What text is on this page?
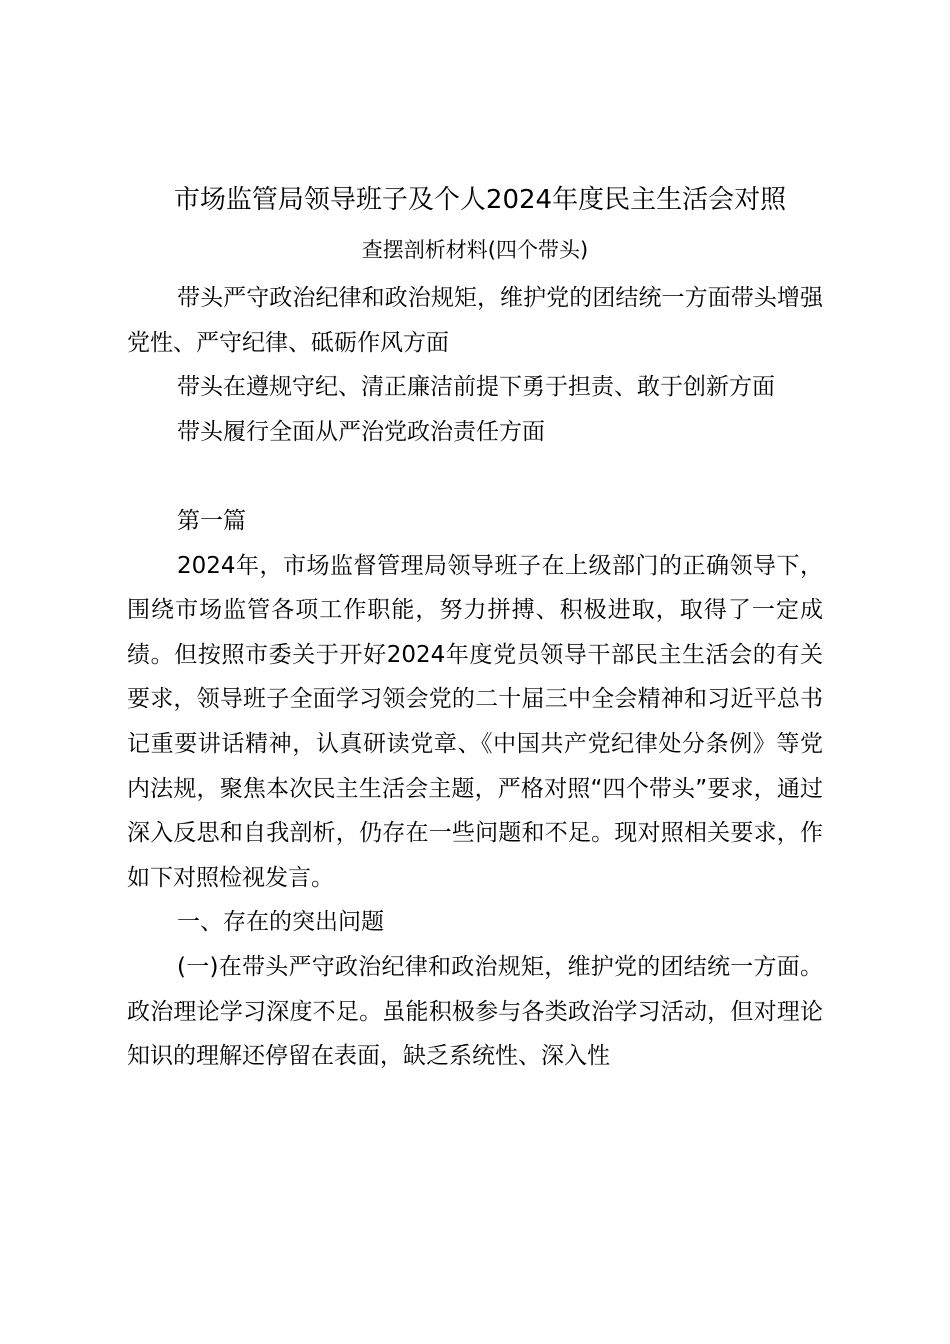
市场监管局领导班子及个人2024年度民主生活会对照
查摆剖析材料(四个带头)

带头严守政治纪律和政治规矩，维护党的团结统一方面带头增强党性、严守纪律、砥砺作风方面

带头在遵规守纪、清正廉洁前提下勇于担责、敢于创新方面

带头履行全面从严治党政治责任方面

第一篇

2024年，市场监督管理局领导班子在上级部门的正确领导下，围绕市场监管各项工作职能，努力拼搏、积极进取，取得了一定成绩。但按照市委关于开好2024年度党员领导干部民主生活会的有关要求，领导班子全面学习领会党的二十届三中全会精神和习近平总书记重要讲话精神，认真研读党章、《中国共产党纪律处分条例》等党内法规，聚焦本次民主生活会主题，严格对照“四个带头”要求，通过深入反思和自我剖析，仍存在一些问题和不足。现对照相关要求，作如下对照检视发言。

一、存在的突出问题

(一)在带头严守政治纪律和政治规矩，维护党的团结统一方面。政治理论学习深度不足。虽能积极参与各类政治学习活动，但对理论知识的理解还停留在表面，缺乏系统性、深入性
